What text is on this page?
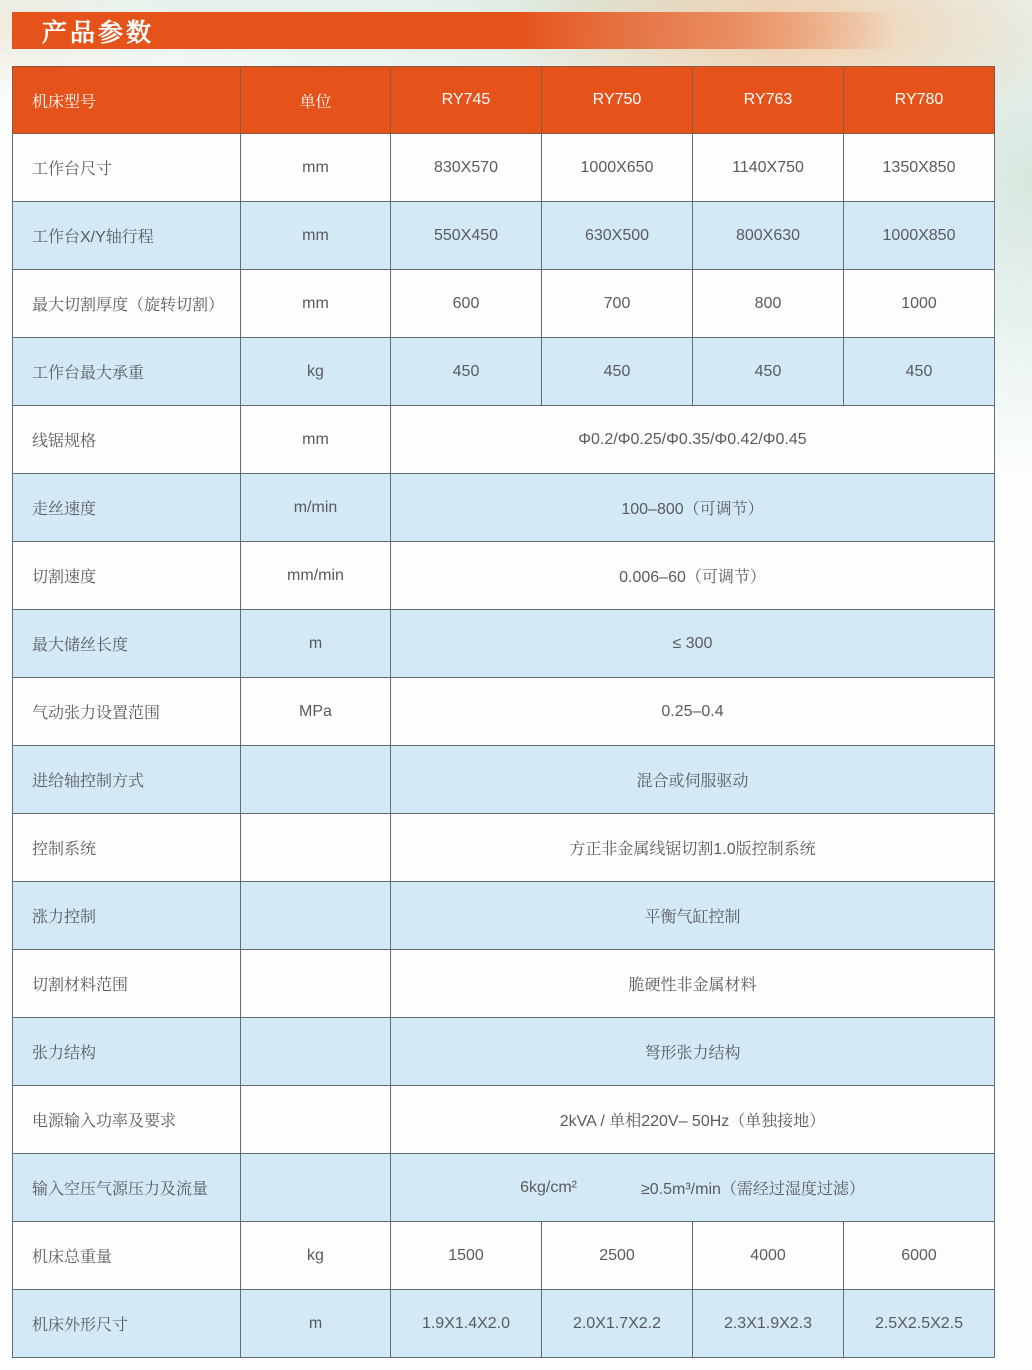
产品参数
机床型号	单位	RY745	RY750	RY763	RY780
工作台尺寸	mm	830X570	1000X650	1140X750	1350X850
工作台X/Y轴行程	mm	550X450	630X500	800X630	1000X850
最大切割厚度（旋转切割）	mm	600	700	800	1000
工作台最大承重	kg	450	450	450	450
线锯规格	mm	Φ0.2/Φ0.25/Φ0.35/Φ0.42/Φ0.45			
走丝速度	m/min	100–800（可调节）			
切割速度	mm/min	0.006–60（可调节）			
最大储丝长度	m	≤ 300			
气动张力设置范围	MPa	0.25–0.4			
进给轴控制方式		混合或伺服驱动			
控制系统		方正非金属线锯切割1.0版控制系统			
涨力控制		平衡气缸控制			
切割材料范围		脆硬性非金属材料			
张力结构		弩形张力结构			
电源输入功率及要求		2kVA / 单相220V– 50Hz（单独接地）			
输入空压气源压力及流量		6kg/cm² ≥0.5m³/min（需经过湿度过滤）			

机床总重量	kg	1500	2500	4000	6000
机床外形尺寸	m	1.9X1.4X2.0	2.0X1.7X2.2	2.3X1.9X2.3	2.5X2.5X2.5
